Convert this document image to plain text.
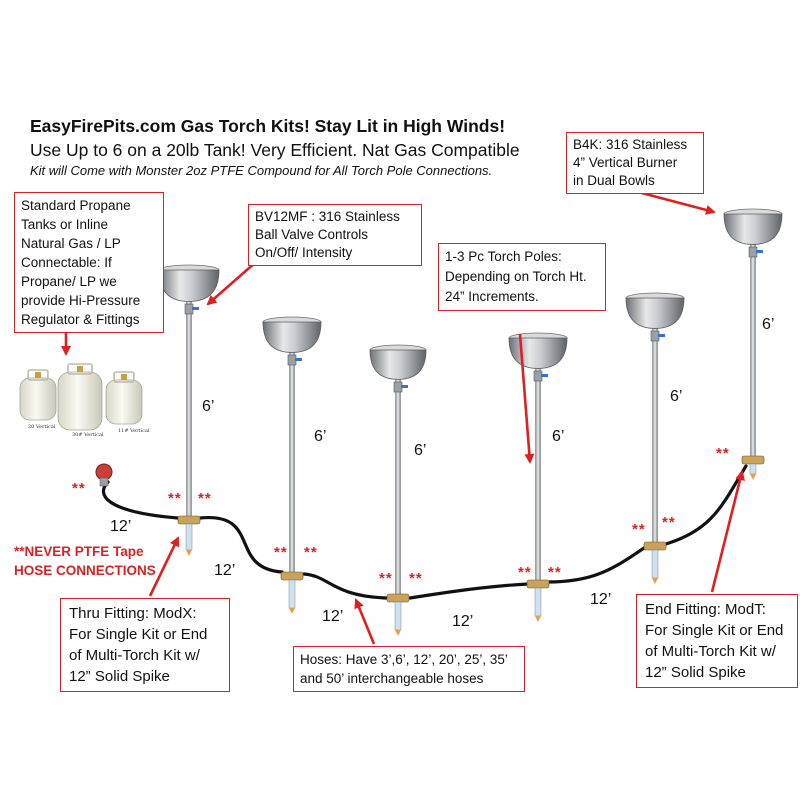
EasyFirePits.com Gas Torch Kits! Stay Lit in High Winds!
Use Up to 6 on a 20lb Tank! Very Efficient. Nat Gas Compatible
Kit will Come with Monster 2oz PTFE Compound for All Torch Pole Connections.
Standard Propane
Tanks or Inline
Natural Gas / LP
Connectable: If
Propane/ LP we
provide Hi-Pressure
Regulator & Fittings
BV12MF : 316 Stainless
Ball Valve Controls
On/Off/ Intensity	1-3 Pc Torch Poles:
Depending on Torch Ht.
24” Increments.
B4K: 316 Stainless
4” Vertical Burner
in Dual Bowls
Thru Fitting: ModX:
For Single Kit or End
of Multi-Torch Kit w/
12” Solid Spike
Hoses: Have 3’,6’, 12’, 20’, 25’, 35’
and 50’ interchangeable hoses
End Fitting: ModT:
For Single Kit or End
of Multi-Torch Kit w/
12” Solid Spike
**NEVER PTFE Tape
HOSE CONNECTIONS
6’
6’
6’
6’
6’
6’
12’
12’
12’	12’
12’
**
** **
** **
** **	** **
** **
**
20 Vertical
30# Vertical
11# Vertical
